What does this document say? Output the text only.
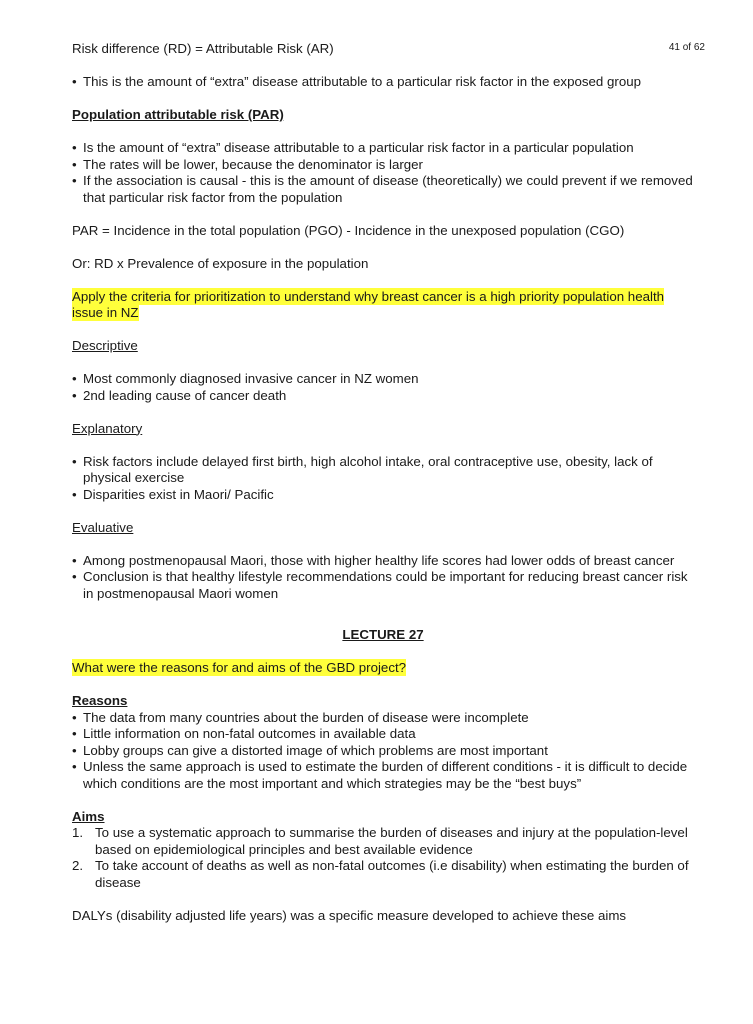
41 of 62

Risk difference (RD) = Attributable Risk (AR)

• This is the amount of “extra” disease attributable to a particular risk factor in the exposed group

Population attributable risk (PAR)

• Is the amount of “extra” disease attributable to a particular risk factor in a particular population
• The rates will be lower, because the denominator is larger
• If the association is causal - this is the amount of disease (theoretically) we could prevent if we removed that particular risk factor from the population

PAR = Incidence in the total population (PGO) - Incidence in the unexposed population (CGO)

Or: RD x Prevalence of exposure in the population

Apply the criteria for prioritization to understand why breast cancer is a high priority population health issue in NZ

Descriptive

• Most commonly diagnosed invasive cancer in NZ women
• 2nd leading cause of cancer death

Explanatory

• Risk factors include delayed first birth, high alcohol intake, oral contraceptive use, obesity, lack of physical exercise
• Disparities exist in Maori/ Pacific

Evaluative

• Among postmenopausal Maori, those with higher healthy life scores had lower odds of breast cancer
• Conclusion is that healthy lifestyle recommendations could be important for reducing breast cancer risk in postmenopausal Maori women

LECTURE 27

What were the reasons for and aims of the GBD project?

Reasons

• The data from many countries about the burden of disease were incomplete
• Little information on non-fatal outcomes in available data
• Lobby groups can give a distorted image of which problems are most important
• Unless the same approach is used to estimate the burden of different conditions - it is difficult to decide which conditions are the most important and which strategies may be the “best buys”

Aims

1. To use a systematic approach to summarise the burden of diseases and injury at the population-level based on epidemiological principles and best available evidence
2. To take account of deaths as well as non-fatal outcomes (i.e disability) when estimating the burden of disease

DALYs (disability adjusted life years) was a specific measure developed to achieve these aims
